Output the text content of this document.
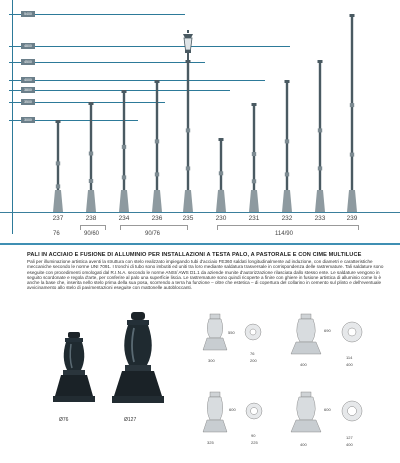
5400
4800
4500
4000
3800
3500
3000
237	238	234	236	235	230	231	232	233	239
76	90/60	90/76	114/90
PALI IN ACCIAIO E FUSIONE DI ALLUMINIO PER INSTALLAZIONI A TESTA PALO, A PASTORALE E CON CIME MULTILUCE
Pali per illuminazione artistica aventi la struttura con stelo realizzato impiegando tubi d'acciaio FE360 saldati longitudinalmente ad induzione, con diametri e caratteristiche meccaniche secondo le norme UNI 7091. I tronchi di tubo sono imbutiti ed uniti tra loro mediante saldatura trasversale in corrispondenza delle rastremature. Tali saldature sono eseguite con procedimenti omologati dal R.I.N.A. secondo le norme ANSI/ AWS D1.1 da aziende munite d'autorizzazione rilasciata dallo stesso ente. Le saldature vengono in seguito scordonate e regola d'arte, per conferire al palo una superficie liscia. Le rastremature sono quindi ricoperte a finire con ghiere in fusione artistica di alluminio come lo è anche la base che, inserita nello stelo prima della sua posa, scorrendo a terra ha funzione – oltre che estetica – di copertura del collarino in cemento sul plinto e dell'eventuale avvicinamento allo stelo di pavimentazioni eseguite con mattonelle autobloccanti.
Ø76	Ø127
550
300
76
200
690
400
114
400
600
325
90
225
600
400
127
400
